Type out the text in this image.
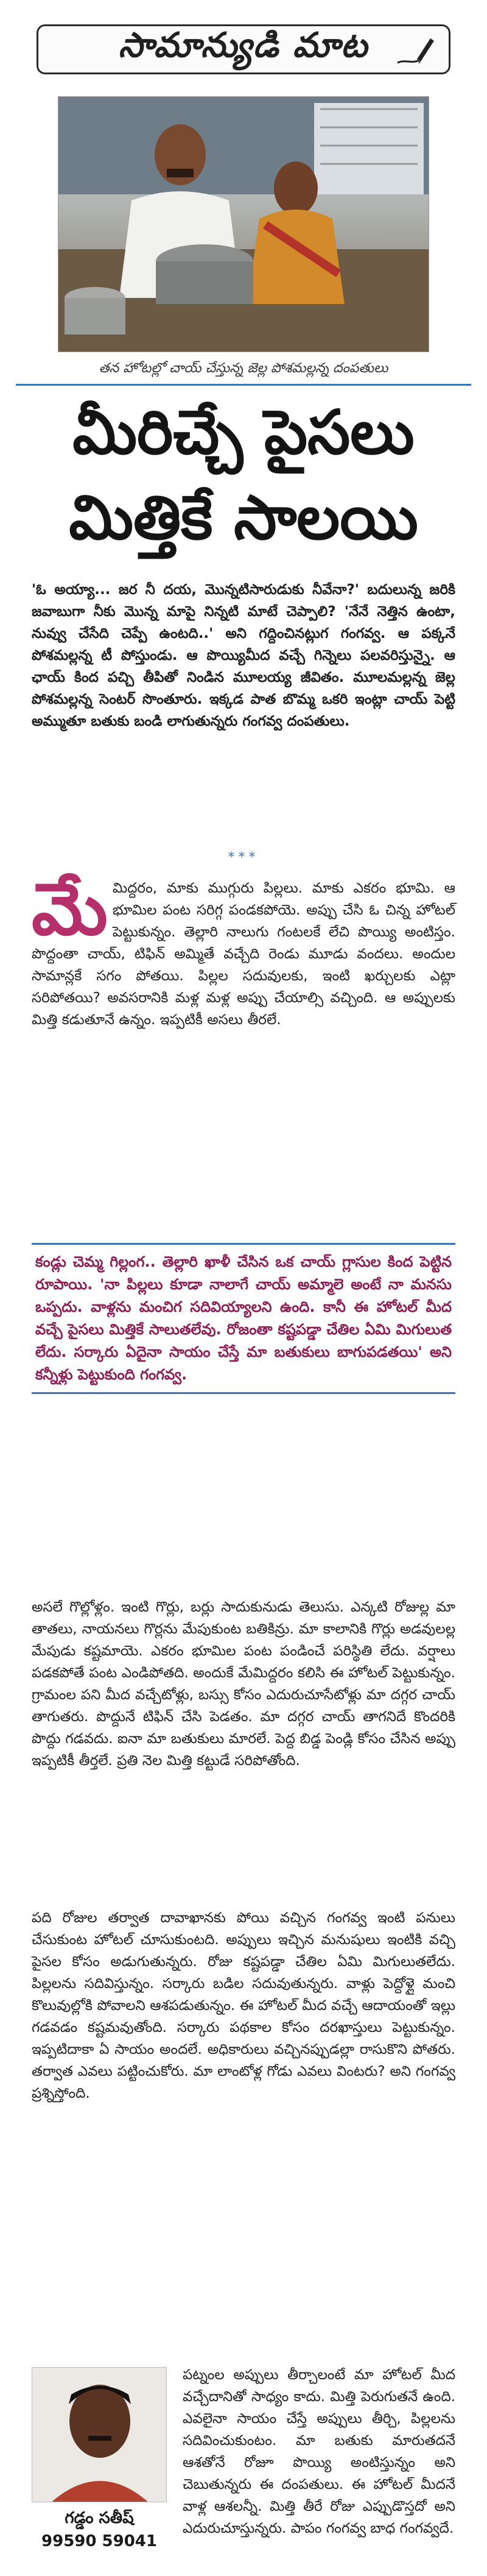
సామాన్యుడి మాట
తన హోటల్లో చాయ్ చేస్తున్న జెల్ల పోశమల్లన్న దంపతులు
మీరిచ్చే పైసలు
మిత్తికే సాలయి
'ఓ అయ్యా... జర నీ దయ, మొన్నటిసారుడుకు నీవేనా?' బదులున్న జరికి జవాబుగా నీకు మొన్న మాపై నిన్నటి మాటే చెప్పాలి? 'నేనే నెత్తిన ఉంటా, నువ్వు చేసేది చెప్పే ఉంటది..' అని గద్దించినట్లుగ గంగవ్వ. ఆ పక్కనే పోశమల్లన్న టీ పోస్తుండు. ఆ పొయ్యిమీద వచ్చే గిన్నెలు పలవరిస్తున్నై. ఆ ఛాయ్ కింద పచ్చి తీపితో నిండిన మూలయ్య జీవితం. మూలమల్లన్న జెల్ల పోశమల్లన్న సెంటర్ సొంతూరు. ఇక్కడ పాత బొమ్మ ఒకరి ఇంట్లా చాయ్ పెట్టి అమ్ముతూ బతుకు బండి లాగుతున్నరు గంగవ్వ దంపతులు.
***
మే మిద్దరం, మాకు ముగ్గురు పిల్లలు. మాకు ఎకరం భూమి. ఆ భూమిల పంట సరిగ్గ పండకపోయె. అప్పు చేసి ఓ చిన్న హోటల్ పెట్టుకున్నం. తెల్లారి నాలుగు గంటలకే లేచి పొయ్యి అంటిస్తం. పొద్దంతా చాయ్, టిఫిన్ అమ్మితే వచ్చేది రెండు మూడు వందలు. అందుల సామాన్లకే సగం పోతయి. పిల్లల సదువులకు, ఇంటి ఖర్చులకు ఎట్లా సరిపోతయి? అవసరానికి మళ్ల మళ్ల అప్పు చేయాల్సి వచ్చింది. ఆ అప్పులకు మిత్తి కడుతూనే ఉన్నం. ఇప్పటికీ అసలు తీరలే.
కండ్లు చెమ్మ గిల్లంగ.. తెల్లారి ఖాళీ చేసిన ఒక చాయ్ గ్లాసుల కింద పెట్టిన రూపాయి. 'నా పిల్లలు కూడా నాలాగే చాయ్ అమ్మాలె అంటే నా మనసు ఒప్పదు. వాళ్లను మంచిగ సదివియ్యాలని ఉంది. కానీ ఈ హోటల్ మీద వచ్చే పైసలు మిత్తికే సాలుతలేవు. రోజంతా కష్టపడ్డా చేతిల ఏమి మిగులుత లేదు. సర్కారు ఏదైనా సాయం చేస్తే మా బతుకులు బాగుపడతయి' అని కన్నీళ్లు పెట్టుకుంది గంగవ్వ.
అసలే గొల్లోళ్లం. ఇంటి గొర్లు, బర్లు సాదుకునుడు తెలుసు. ఎన్కటి రోజుల్ల మా తాతలు, నాయనలు గొర్లను మేపుకుంట బతికిన్రు. మా కాలానికి గొర్లు అడవులల్ల మేపుడు కష్టమాయె. ఎకరం భూమిల పంట పండించే పరిస్థితి లేదు. వర్షాలు పడకపోతే పంట ఎండిపోతది. అందుకే మేమిద్దరం కలిసి ఈ హోటల్ పెట్టుకున్నం. గ్రామంల పని మీద వచ్చేటోళ్లు, బస్సు కోసం ఎదురుచూసేటోళ్లు మా దగ్గర చాయ్ తాగుతరు. పొద్దునే టిఫిన్ చేసి పెడతం. మా దగ్గర చాయ్ తాగనిదే కొందరికి పొద్దు గడవదు. ఐనా మా బతుకులు మారలే. పెద్ద బిడ్డ పెండ్లి కోసం చేసిన అప్పు ఇప్పటికీ తీర్తలే. ప్రతి నెల మిత్తి కట్టుడే సరిపోతోంది.
పది రోజుల తర్వాత దావాఖానకు పోయి వచ్చిన గంగవ్వ ఇంటి పనులు చేసుకుంట హోటల్ చూసుకుంటది. అప్పులు ఇచ్చిన మనుషులు ఇంటికి వచ్చి పైసల కోసం అడుగుతున్నరు. రోజు కష్టపడ్డా చేతిల ఏమి మిగులుతలేదు. పిల్లలను సదివిస్తున్నం. సర్కారు బడిల సదువుతున్నరు. వాళ్లు పెద్దోళ్లై మంచి కొలువుల్లోకి పోవాలని ఆశపడుతున్నం. ఈ హోటల్ మీద వచ్చే ఆదాయంతో ఇల్లు గడవడం కష్టమవుతోంది. సర్కారు పథకాల కోసం దరఖాస్తులు పెట్టుకున్నం. ఇప్పటిదాకా ఏ సాయం అందలే. అధికారులు వచ్చినప్పుడల్లా రాసుకొని పోతరు. తర్వాత ఎవలు పట్టించుకోరు. మా లాంటోళ్ల గోడు ఎవలు వింటరు? అని గంగవ్వ ప్రశ్నిస్తోంది.
గడ్డం సతీష్
99590 59041
పట్నంల అప్పులు తీర్చాలంటే మా హోటల్ మీద వచ్చేదానితో సాధ్యం కాదు. మిత్తి పెరుగుతనే ఉంది. ఎవలైనా సాయం చేస్తే అప్పులు తీర్చి, పిల్లలను సదివించుకుంటం. మా బతుకు మారుతదనే ఆశతోనే రోజూ పొయ్యి అంటిస్తున్నం అని చెబుతున్నరు ఈ దంపతులు. ఈ హోటల్ మీదనే వాళ్ల ఆశలన్నీ. మిత్తి తీరే రోజు ఎప్పుడొస్తదో అని ఎదురుచూస్తున్నరు. పాపం గంగవ్వ బాధ గంగవ్వదే.
